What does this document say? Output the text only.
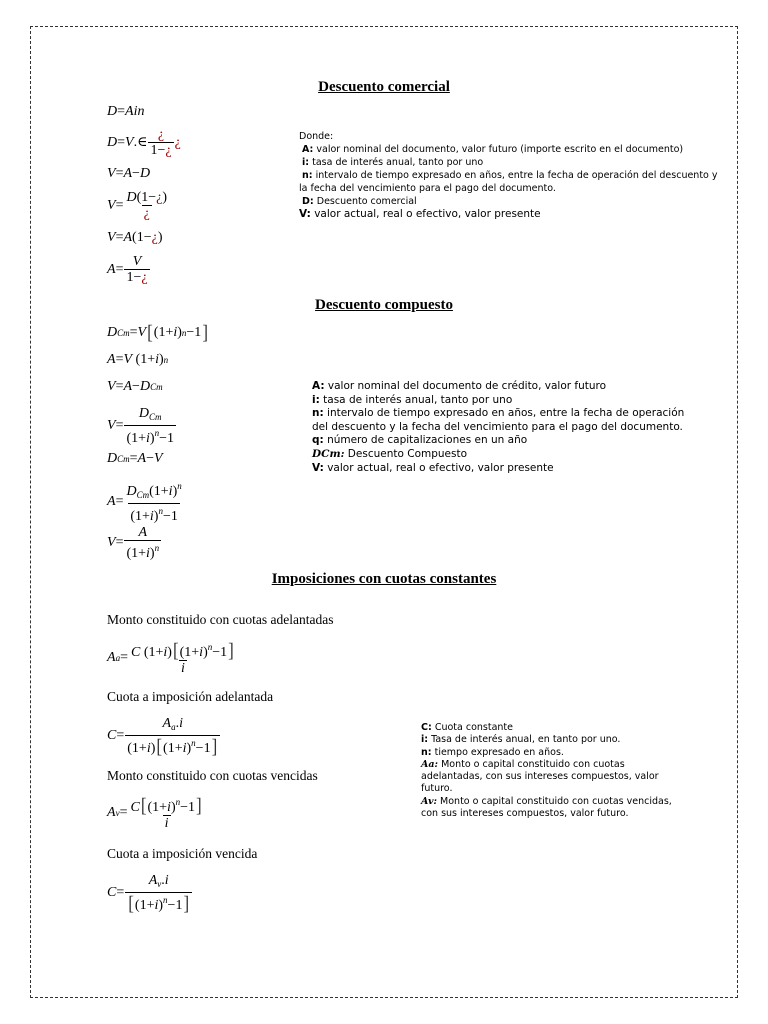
Descuento comercial
D = Ain
D = V .∈ $\frac{¿}{1-¿}$ ¿
V = A − D
$V = \frac{D(1-¿)}{¿}$
V = A (1− ¿ )
$A = \frac{V}{1-¿}$
Donde:
A: valor nominal del documento, valor futuro (importe escrito en el documento)
i: tasa de interés anual, tanto por uno
n: intervalo de tiempo expresado en años, entre la fecha de operación del descuento y
la fecha del vencimiento para el pago del documento.
D: Descuento comercial
V: valor actual, real o efectivo, valor presente
Descuento compuesto
D Cm = V [ (1+ i ) n −1 ]
A = V (1+ i ) n
V = A − D Cm
$V = \frac{D_{Cm}}{(1+i)^n-1}$
D Cm = A − V
$A = \frac{D_{Cm}(1+i)^n}{(1+i)^n-1}$
$V = \frac{A}{(1+i)^n}$
A: valor nominal del documento de crédito, valor futuro
i: tasa de interés anual, tanto por uno
n: intervalo de tiempo expresado en años, entre la fecha de operación
del descuento y la fecha del vencimiento para el pago del documento.
q: número de capitalizaciones en un año
DCm: Descuento Compuesto
V: valor actual, real o efectivo, valor presente
Imposiciones con cuotas constantes
Monto constituido con cuotas adelantadas
A $a = \frac{C (1+i)[(1+i)^n-1]}{i}$
Cuota a imposición adelantada
$C = \frac{A_a.i}{(1+i)[(1+i)^n-1]}$
Monto constituido con cuotas vencidas
A $v = \frac{C[(1+i)^n-1]}{i}$
Cuota a imposición vencida
$C = \frac{A_v.i}{[(1+i)^n-1]}$
C: Cuota constante
i: Tasa de interés anual, en tanto por uno.
n: tiempo expresado en años.
Aa: Monto o capital constituido con cuotas
adelantadas, con sus intereses compuestos, valor
futuro.
Av: Monto o capital constituido con cuotas vencidas,
con sus intereses compuestos, valor futuro.
